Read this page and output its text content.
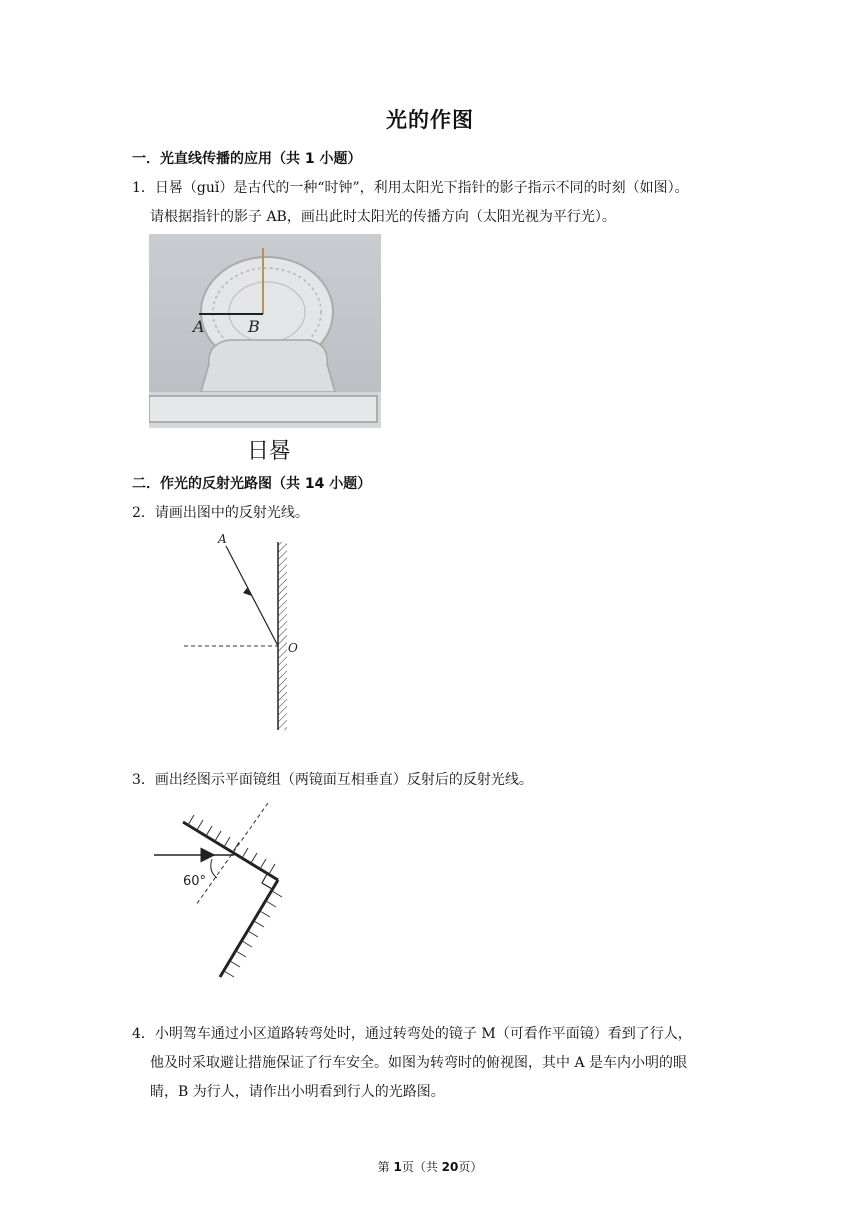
光的作图
一．光直线传播的应用（共 1 小题）
1．日晷（guǐ）是古代的一种“时钟”，利用太阳光下指针的影子指示不同的时刻（如图）。
请根据指针的影子 AB，画出此时太阳光的传播方向（太阳光视为平行光）。
A	B
日晷
二．作光的反射光路图（共 14 小题）
2．请画出图中的反射光线。
A
O
3．画出经图示平面镜组（两镜面互相垂直）反射后的反射光线。
60°
4．小明驾车通过小区道路转弯处时，通过转弯处的镜子 M（可看作平面镜）看到了行人，
他及时采取避让措施保证了行车安全。如图为转弯时的俯视图，其中 A 是车内小明的眼
睛，B 为行人，请作出小明看到行人的光路图。
第 1页（共 20页）
